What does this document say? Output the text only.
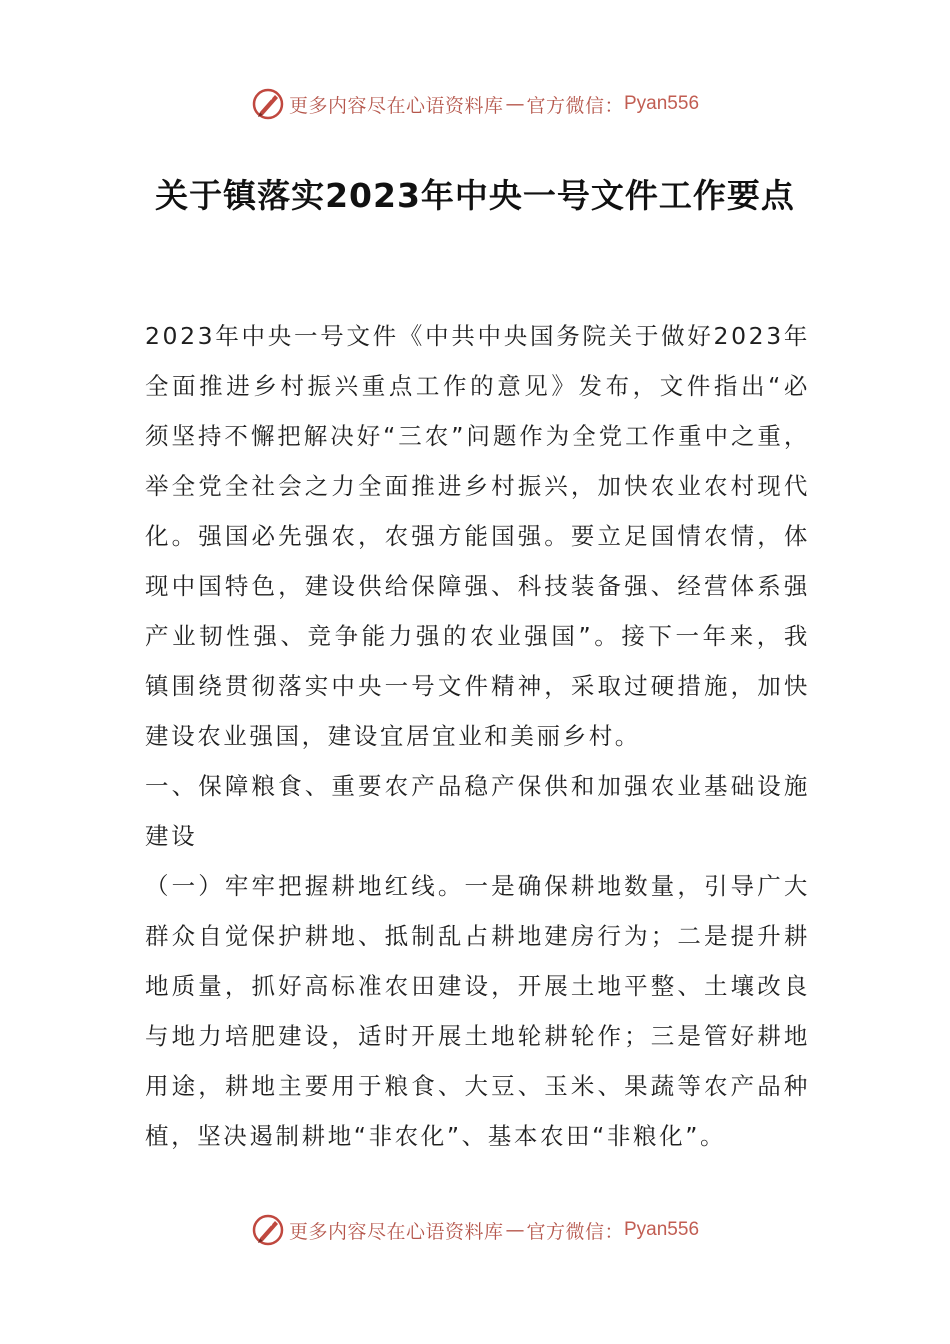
更多内容尽在心语资料库 — 官方微信： Pyan556
关于镇落实2023年中央一号文件工作要点

2023年中央一号文件《中共中央国务院关于做好2023年全面推进乡村振兴重点工作的意见》发布，文件指出“必须坚持不懈把解决好“三农”问题作为全党工作重中之重，举全党全社会之力全面推进乡村振兴，加快农业农村现代化。强国必先强农，农强方能国强。要立足国情农情，体现中国特色，建设供给保障强、科技装备强、经营体系强产业韧性强、竞争能力强的农业强国”。接下一年来，我镇围绕贯彻落实中央一号文件精神，采取过硬措施，加快建设农业强国，建设宜居宜业和美丽乡村。

一、保障粮食、重要农产品稳产保供和加强农业基础设施建设

（一）牢牢把握耕地红线。一是确保耕地数量，引导广大群众自觉保护耕地、抵制乱占耕地建房行为；二是提升耕地质量，抓好高标准农田建设，开展土地平整、土壤改良与地力培肥建设，适时开展土地轮耕轮作；三是管好耕地用途，耕地主要用于粮食、大豆、玉米、果蔬等农产品种植，坚决遏制耕地“非农化”、基本农田“非粮化”。

更多内容尽在心语资料库 — 官方微信： Pyan556
